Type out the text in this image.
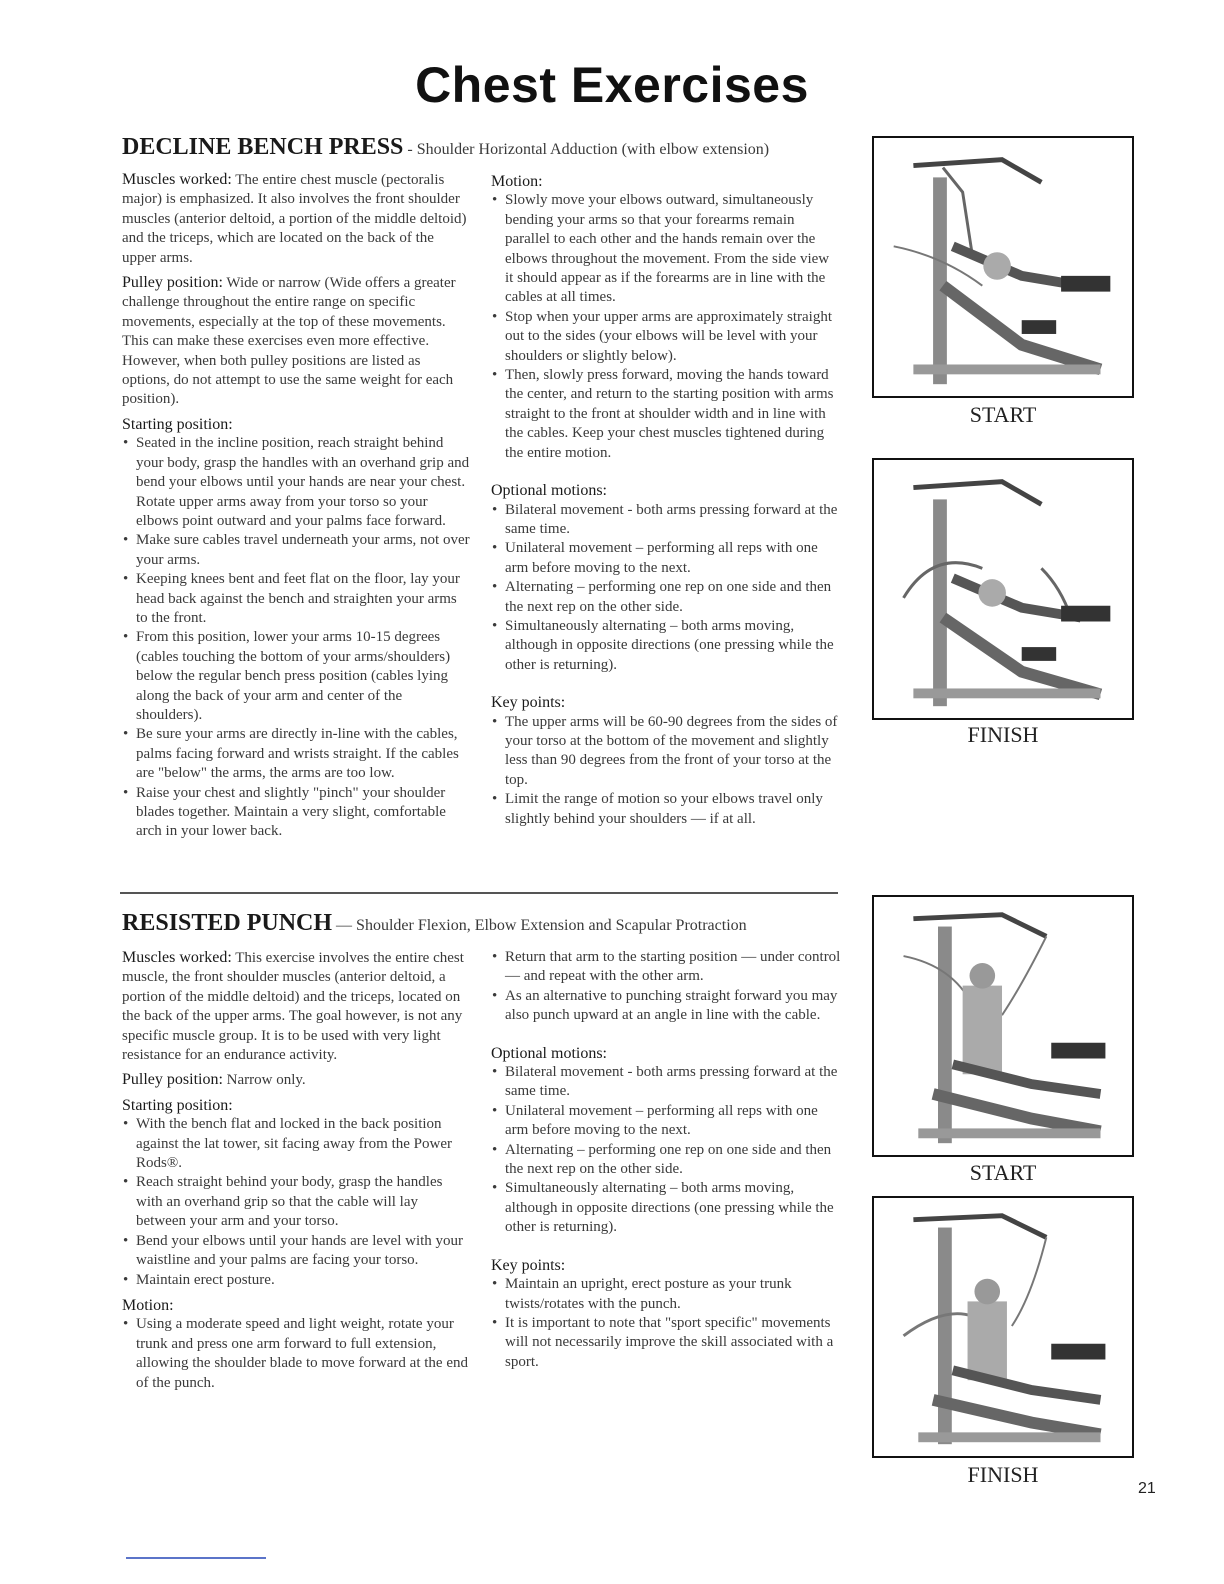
Chest Exercises
DECLINE BENCH PRESS - Shoulder Horizontal Adduction (with elbow extension)

Muscles worked: The entire chest muscle (pectoralis major) is emphasized. It also involves the front shoulder muscles (anterior deltoid, a portion of the middle deltoid) and the triceps, which are located on the back of the upper arms.

Pulley position: Wide or narrow (Wide offers a greater challenge throughout the entire range on specific movements, especially at the top of these movements. This can make these exercises even more effective. However, when both pulley positions are listed as options, do not attempt to use the same weight for each position).

Starting position:
• Seated in the incline position, reach straight behind your body, grasp the handles with an overhand grip and bend your elbows until your hands are near your chest. Rotate upper arms away from your torso so your elbows point outward and your palms face forward.
• Make sure cables travel underneath your arms, not over your arms.
• Keeping knees bent and feet flat on the floor, lay your head back against the bench and straighten your arms to the front.
• From this position, lower your arms 10-15 degrees (cables touching the bottom of your arms/shoulders) below the regular bench press position (cables lying along the back of your arm and center of the shoulders).
• Be sure your arms are directly in-line with the cables, palms facing forward and wrists straight. If the cables are "below" the arms, the arms are too low.
• Raise your chest and slightly "pinch" your shoulder blades together. Maintain a very slight, comfortable arch in your lower back.
Motion:
• Slowly move your elbows outward, simultaneously bending your arms so that your forearms remain parallel to each other and the hands remain over the elbows throughout the movement. From the side view it should appear as if the forearms are in line with the cables at all times.
• Stop when your upper arms are approximately straight out to the sides (your elbows will be level with your shoulders or slightly below).
• Then, slowly press forward, moving the hands toward the center, and return to the starting position with arms straight to the front at shoulder width and in line with the cables. Keep your chest muscles tightened during the entire motion.
Optional motions:
• Bilateral movement - both arms pressing forward at the same time.
• Unilateral movement – performing all reps with one arm before moving to the next.
• Alternating – performing one rep on one side and then the next rep on the other side.
• Simultaneously alternating – both arms moving, although in opposite directions (one pressing while the other is returning).
Key points:
• The upper arms will be 60-90 degrees from the sides of your torso at the bottom of the movement and slightly less than 90 degrees from the front of your torso at the top.
• Limit the range of motion so your elbows travel only slightly behind your shoulders — if at all.
START
FINISH
RESISTED PUNCH — Shoulder Flexion, Elbow Extension and Scapular Protraction

Muscles worked: This exercise involves the entire chest muscle, the front shoulder muscles (anterior deltoid, a portion of the middle deltoid) and the triceps, located on the back of the upper arms. The goal however, is not any specific muscle group. It is to be used with very light resistance for an endurance activity.

Pulley position: Narrow only.

Starting position:
• With the bench flat and locked in the back position against the lat tower, sit facing away from the Power Rods®.
• Reach straight behind your body, grasp the handles with an overhand grip so that the cable will lay between your arm and your torso.
• Bend your elbows until your hands are level with your waistline and your palms are facing your torso.
• Maintain erect posture.
Motion:
• Using a moderate speed and light weight, rotate your trunk and press one arm forward to full extension, allowing the shoulder blade to move forward at the end of the punch.
• Return that arm to the starting position — under control — and repeat with the other arm.
• As an alternative to punching straight forward you may also punch upward at an angle in line with the cable.
Optional motions:
• Bilateral movement - both arms pressing forward at the same time.
• Unilateral movement – performing all reps with one arm before moving to the next.
• Alternating – performing one rep on one side and then the next rep on the other side.
• Simultaneously alternating – both arms moving, although in opposite directions (one pressing while the other is returning).
Key points:
• Maintain an upright, erect posture as your trunk twists/rotates with the punch.
• It is important to note that "sport specific" movements will not necessarily improve the skill associated with a sport.
START
FINISH
21
